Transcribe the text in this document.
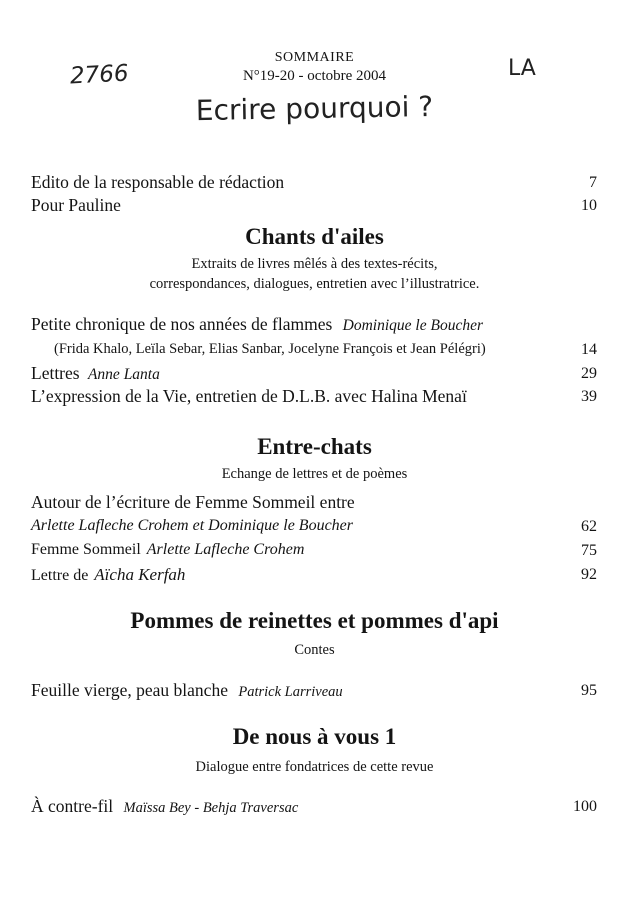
2766	LA
SOMMAIRE
N°19-20 - octobre 2004
Ecrire pourquoi ?
Edito de la responsable de rédaction	7
Pour Pauline	10
Chants d'ailes
Extraits de livres mêlés à des textes-récits,
correspondances, dialogues, entretien avec l’illustratrice.
Petite chronique de nos années de flammes Dominique le Boucher
(Frida Khalo, Leïla Sebar, Elias Sanbar, Jocelyne François et Jean Pélégri)	14
Lettres Anne Lanta	29
L’expression de la Vie, entretien de D.L.B. avec Halina Menaï	39
Entre-chats
Echange de lettres et de poèmes
Autour de l’écriture de Femme Sommeil entre
Arlette Lafleche Crohem et Dominique le Boucher	62
Femme Sommeil Arlette Lafleche Crohem	75
Lettre de Aïcha Kerfah	92
Pommes de reinettes et pommes d'api
Contes
Feuille vierge, peau blanche Patrick Larriveau	95
De nous à vous 1
Dialogue entre fondatrices de cette revue
À contre-fil Maïssa Bey - Behja Traversac	100
